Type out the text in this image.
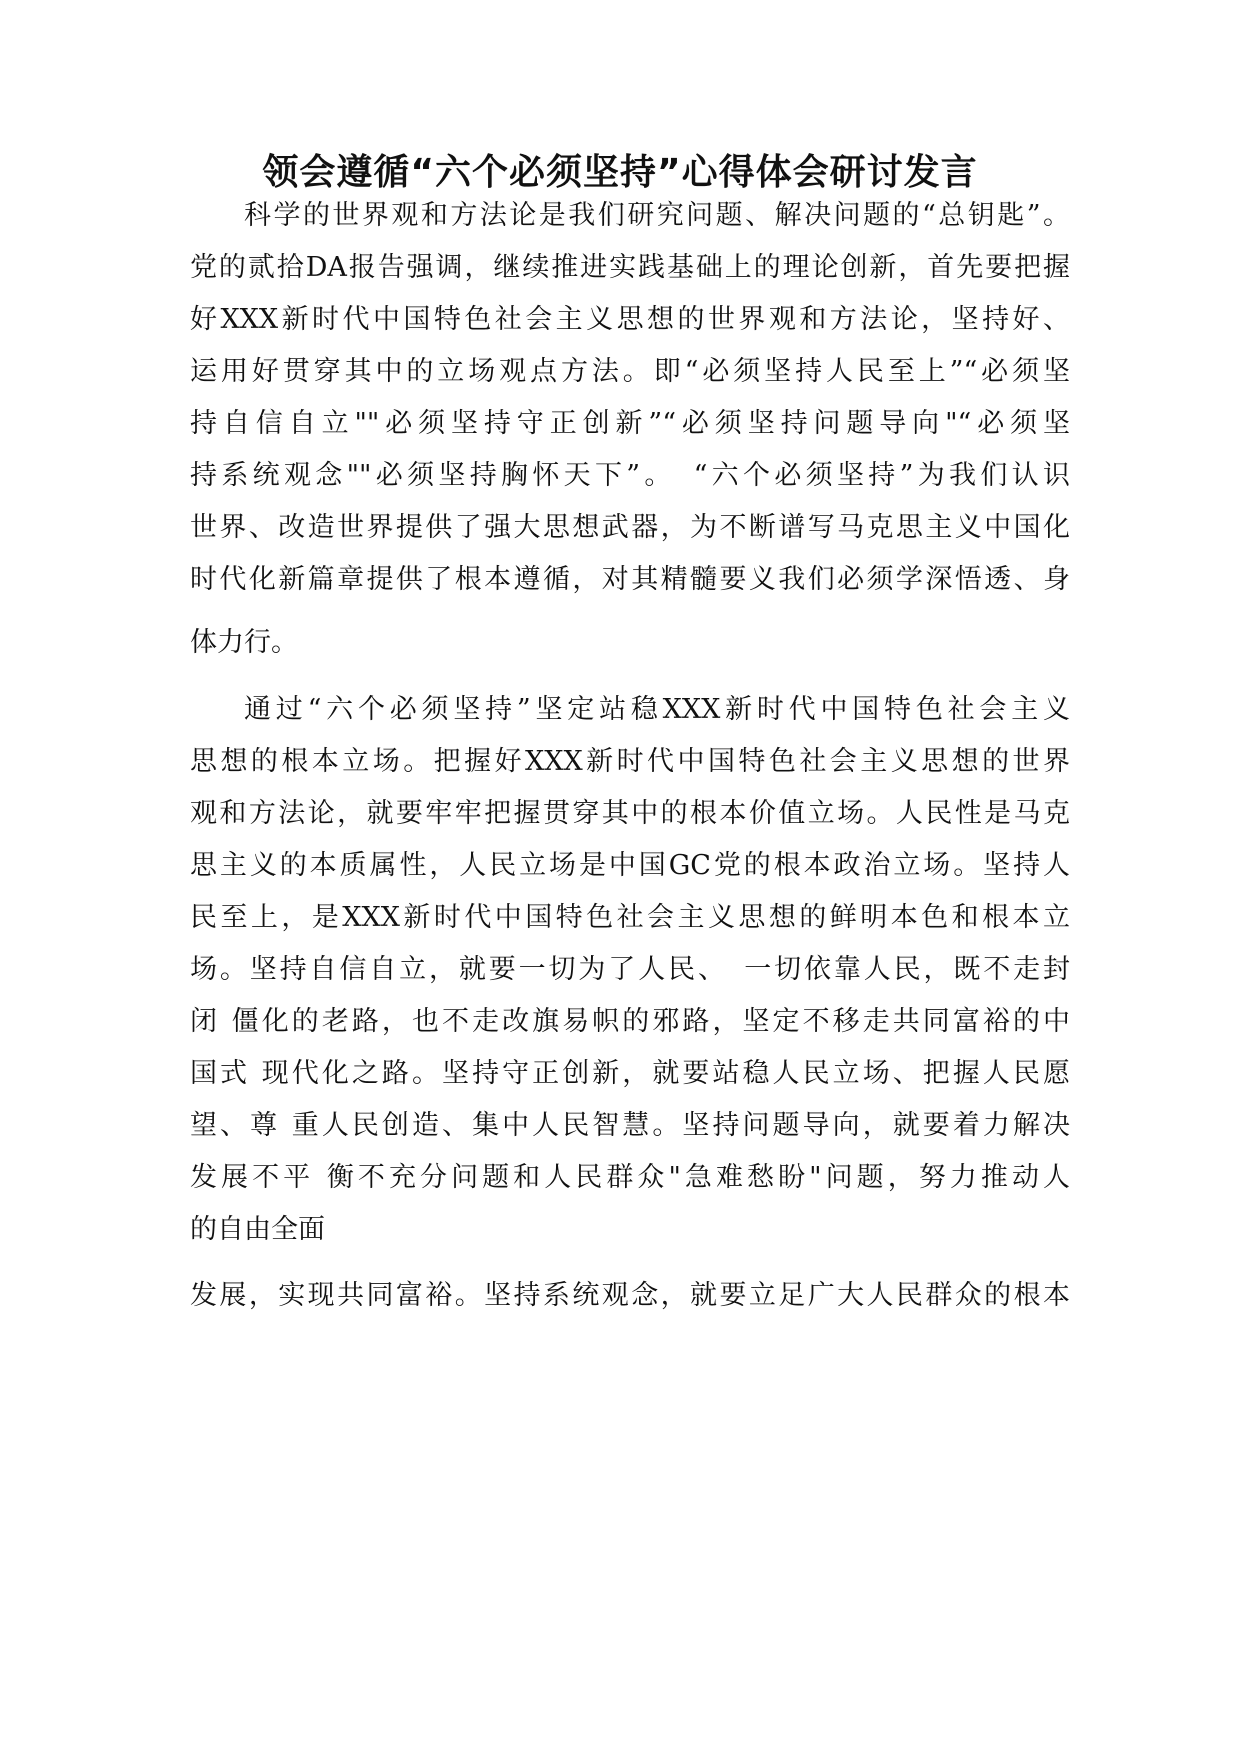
领会遵循“六个必须坚持”心得体会研讨发言
科学的世界观和方法论是我们研究问题、解决问题的“总钥匙”。
党的贰拾DA报告强调，继续推进实践基础上的理论创新，首先要把握
好XXX新时代中国特色社会主义思想的世界观和方法论，坚持好、
运用好贯穿其中的立场观点方法。即“必须坚持人民至上”“必须坚
持自信自立""必须坚持守正创新”“必须坚持问题导向"“必须坚
持系统观念""必须坚持胸怀天下”。　“六个必须坚持”为我们认识
世界、改造世界提供了强大思想武器，为不断谱写马克思主义中国化
时代化新篇章提供了根本遵循，对其精髓要义我们必须学深悟透、身
体力行。
通过“六个必须坚持”坚定站稳XXX新时代中国特色社会主义
思想的根本立场。把握好XXX新时代中国特色社会主义思想的世界
观和方法论，就要牢牢把握贯穿其中的根本价值立场。人民性是马克
思主义的本质属性，人民立场是中国GC党的根本政治立场。坚持人
民至上，是XXX新时代中国特色社会主义思想的鲜明本色和根本立
场。坚持自信自立，就要一切为了人民、　一切依靠人民，既不走封
闭 僵化的老路，也不走改旗易帜的邪路，坚定不移走共同富裕的中
国式 现代化之路。坚持守正创新，就要站稳人民立场、把握人民愿
望、尊 重人民创造、集中人民智慧。坚持问题导向，就要着力解决
发展不平 衡不充分问题和人民群众"急难愁盼"问题，努力推动人
的自由全面
发展，实现共同富裕。坚持系统观念，就要立足广大人民群众的根本
